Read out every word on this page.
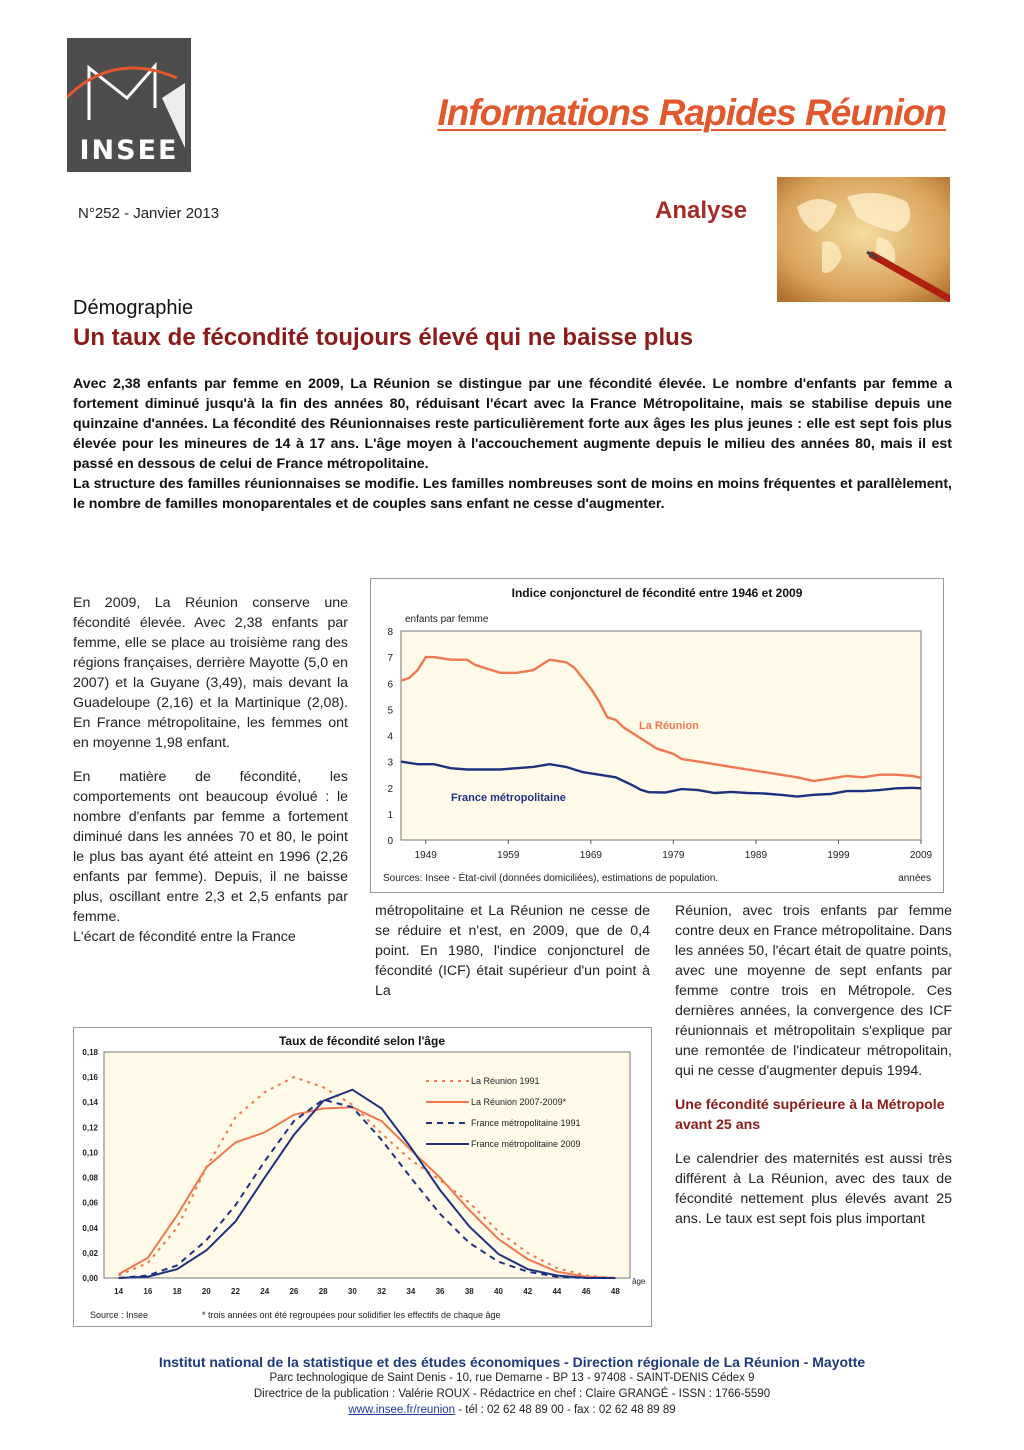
INSEE
Informations Rapides Réunion
N°252 - Janvier 2013	Analyse
Démographie
Un taux de fécondité toujours élevé qui ne baisse plus

Avec 2,38 enfants par femme en 2009, La Réunion se distingue par une fécondité élevée. Le nombre d'enfants par femme a fortement diminué jusqu'à la fin des années 80, réduisant l'écart avec la France Métropolitaine, mais se stabilise depuis une quinzaine d'années. La fécondité des Réunionnaises reste particulièrement forte aux âges les plus jeunes : elle est sept fois plus élevée pour les mineures de 14 à 17 ans. L'âge moyen à l'accouchement augmente depuis le milieu des années 80, mais il est passé en dessous de celui de France métropolitaine.

La structure des familles réunionnaises se modifie. Les familles nombreuses sont de moins en moins fréquentes et parallèlement, le nombre de familles monoparentales et de couples sans enfant ne cesse d'augmenter.

En 2009, La Réunion conserve une fécondité élevée. Avec 2,38 enfants par femme, elle se place au troisième rang des régions françaises, derrière Mayotte (5,0 en 2007) et la Guyane (3,49), mais devant la Guadeloupe (2,16) et la Martinique (2,08). En France métropolitaine, les femmes ont en moyenne 1,98 enfant.

En matière de fécondité, les comportements ont beaucoup évolué : le nombre d'enfants par femme a fortement diminué dans les années 70 et 80, le point le plus bas ayant été atteint en 1996 (2,26 enfants par femme). Depuis, il ne baisse plus, oscillant entre 2,3 et 2,5 enfants par femme.

L'écart de fécondité entre la France

métropolitaine et La Réunion ne cesse de se réduire et n'est, en 2009, que de 0,4 point. En 1980, l'indice conjoncturel de fécondité (ICF) était supérieur d'un point à La

Réunion, avec trois enfants par femme contre deux en France métropolitaine. Dans les années 50, l'écart était de quatre points, avec une moyenne de sept enfants par femme contre trois en Métropole. Ces dernières années, la convergence des ICF réunionnais et métropolitain s'explique par une remontée de l'indicateur métropolitain, qui ne cesse d'augmenter depuis 1994.

Une fécondité supérieure à la Métropole avant 25 ans

Le calendrier des maternités est aussi très différent à La Réunion, avec des taux de fécondité nettement plus élevés avant 25 ans. Le taux est sept fois plus important

Indice conjoncturel de fécondité entre 1946 et 2009
enfants par femme
0
1
2
3
4
5
6
7
8
1949	1959	1969	1979	1989	1999	2009
Sources: Insee - État-civil (données domiciliées), estimations de population.	années
La Réunion
France métropolitaine
Taux de fécondité selon l'âge
0,00
0,02
0,04
0,06
0,08
0,10
0,12
0,14
0,16
0,18
14	16	18	20	22	24	26	28	30	32	34	36	38	40	42	44	46	48
âge
Source : Insee	* trois années ont été regroupées pour solidifier les effectifs de chaque âge
La Réunion 1991
La Réunion 2007-2009*
France métropolitaine 1991
France métropolitaine 2009
Institut national de la statistique et des études économiques - Direction régionale de La Réunion - Mayotte
Parc technologique de Saint Denis - 10, rue Demarne - BP 13 - 97408 - SAINT-DENIS Cédex 9
Directrice de la publication : Valérie ROUX - Rédactrice en chef : Claire GRANGÉ - ISSN : 1766-5590
www.insee.fr/reunion - tél : 02 62 48 89 00 - fax : 02 62 48 89 89
